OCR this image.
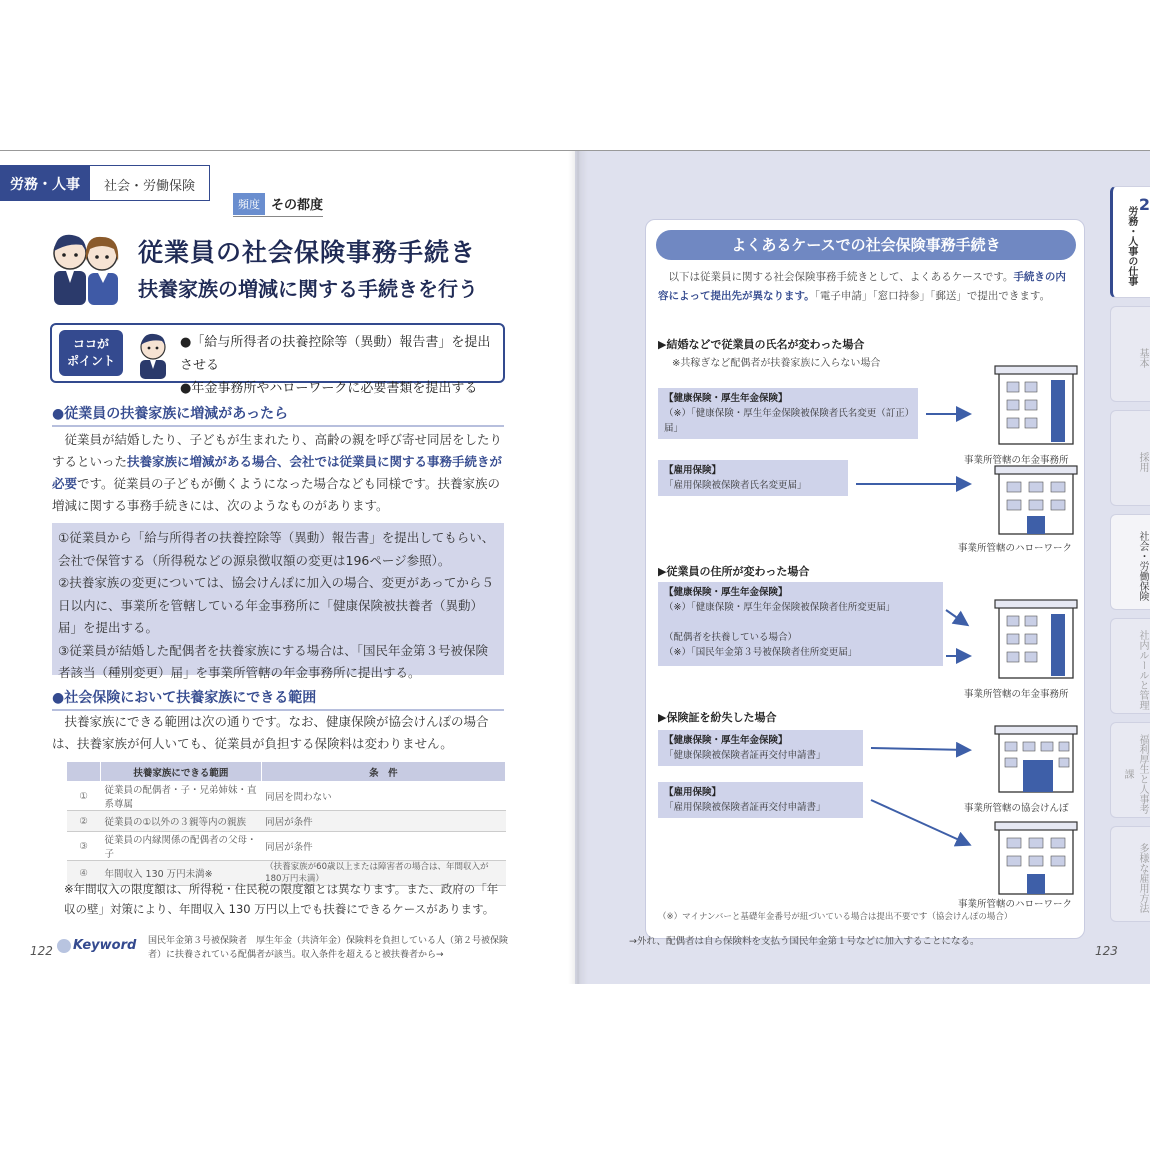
労務・人事	社会・労働保険
頻度 その都度
従業員の社会保険事務手続き
扶養家族の増減に関する手続きを行う
ココが
ポイント
●「給与所得者の扶養控除等（異動）報告書」を提出させる
●年金事務所やハローワークに必要書類を提出する
●従業員の扶養家族に増減があったら
　従業員が結婚したり、子どもが生まれたり、高齢の親を呼び寄せ同居をしたりするといった扶養家族に増減がある場合、会社では従業員に関する事務手続きが必要です。従業員の子どもが働くようになった場合なども同様です。扶養家族の増減に関する事務手続きには、次のようなものがあります。
①従業員から「給与所得者の扶養控除等（異動）報告書」を提出してもらい、会社で保管する（所得税などの源泉徴収額の変更は196ページ参照）。
②扶養家族の変更については、協会けんぽに加入の場合、変更があってから５日以内に、事業所を管轄している年金事務所に「健康保険被扶養者（異動）届」を提出する。
③従業員が結婚した配偶者を扶養家族にする場合は、「国民年金第３号被保険者該当（種別変更）届」を事業所管轄の年金事務所に提出する。
●社会保険において扶養家族にできる範囲
　扶養家族にできる範囲は次の通りです。なお、健康保険が協会けんぽの場合は、扶養家族が何人いても、従業員が負担する保険料は変わりません。
	扶養家族にできる範囲	条　件
①	従業員の配偶者・子・兄弟姉妹・直系尊属	同居を問わない
②	従業員の①以外の３親等内の親族	同居が条件
③	従業員の内縁関係の配偶者の父母・子	同居が条件
④	年間収入 130 万円未満※	（扶養家族が60歳以上または障害者の場合は、年間収入が180万円未満）
※年間収入の限度額は、所得税・住民税の限度額とは異なります。また、政府の「年収の壁」対策により、年間収入 130 万円以上でも扶養にできるケースがあります。
122	Keyword 国民年金第３号被保険者　厚生年金（共済年金）保険料を負担している人（第２号被保険者）に扶養されている配偶者が該当。収入条件を超えると被扶養者から→
よくあるケースでの社会保険事務手続き
　以下は従業員に関する社会保険事務手続きとして、よくあるケースです。手続きの内容によって提出先が異なります。「電子申請」「窓口持参」「郵送」で提出できます。
▶結婚などで従業員の氏名が変わった場合
※共稼ぎなど配偶者が扶養家族に入らない場合
【健康保険・厚生年金保険】
（※）「健康保険・厚生年金保険被保険者氏名変更（訂正）届」
【雇用保険】
「雇用保険被保険者氏名変更届」
▶従業員の住所が変わった場合
【健康保険・厚生年金保険】
（※）「健康保険・厚生年金保険被保険者住所変更届」

（配偶者を扶養している場合）
（※）「国民年金第３号被保険者住所変更届」
▶保険証を紛失した場合
【健康保険・厚生年金保険】
「健康保険被保険者証再交付申請書」
【雇用保険】
「雇用保険被保険者証再交付申請書」
事業所管轄の年金事務所
事業所管轄のハローワーク
事業所管轄の年金事務所
事業所管轄の協会けんぽ
事業所管轄のハローワーク
（※）マイナンバーと基礎年金番号が紐づいている場合は提出不要です（協会けんぽの場合）
→外れ、配偶者は自ら保険料を支払う国民年金第１号などに加入することになる。
123
2
労務・人事の仕事
基本
採用
社会・労働保険
社内ルールと管理
福利厚生と人事考課
多様な雇用方法
